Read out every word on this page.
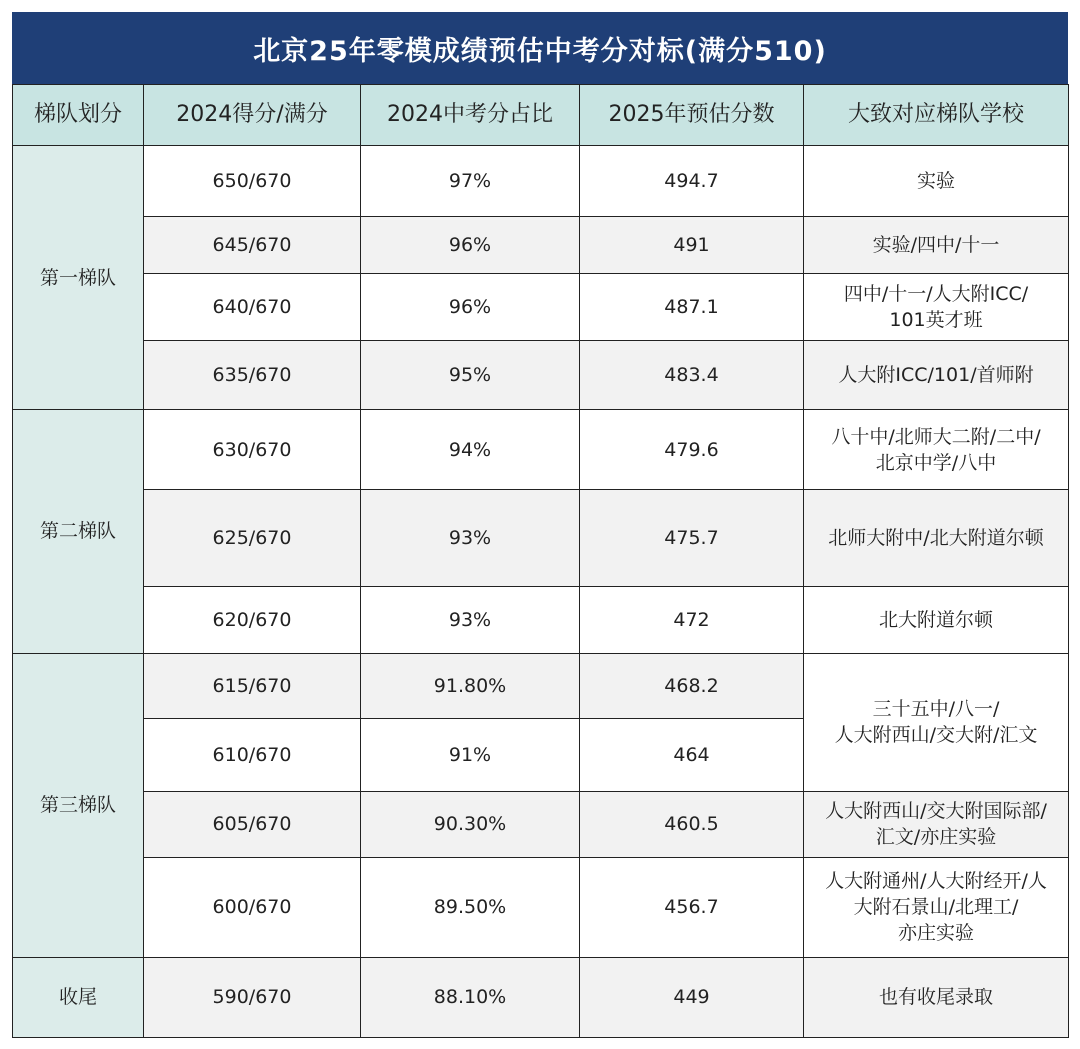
北京25年零模成绩预估中考分对标(满分510)
梯队划分	2024得分/满分	2024中考分占比	2025年预估分数	大致对应梯队学校
第一梯队	650/670	97%	494.7	实验
	645/670	96%	491	实验/四中/十一
	640/670	96%	487.1	四中/十一/人大附ICC/
101英才班
	635/670	95%	483.4	人大附ICC/101/首师附
第二梯队	630/670	94%	479.6	八十中/北师大二附/二中/
北京中学/八中
	625/670	93%	475.7	北师大附中/北大附道尔顿
	620/670	93%	472	北大附道尔顿
第三梯队	615/670	91.80%	468.2	三十五中/八一/
人大附西山/交大附/汇文
	610/670	91%	464	
	605/670	90.30%	460.5	人大附西山/交大附国际部/
汇文/亦庄实验
	600/670	89.50%	456.7	人大附通州/人大附经开/人
大附石景山/北理工/
亦庄实验
收尾	590/670	88.10%	449	也有收尾录取
